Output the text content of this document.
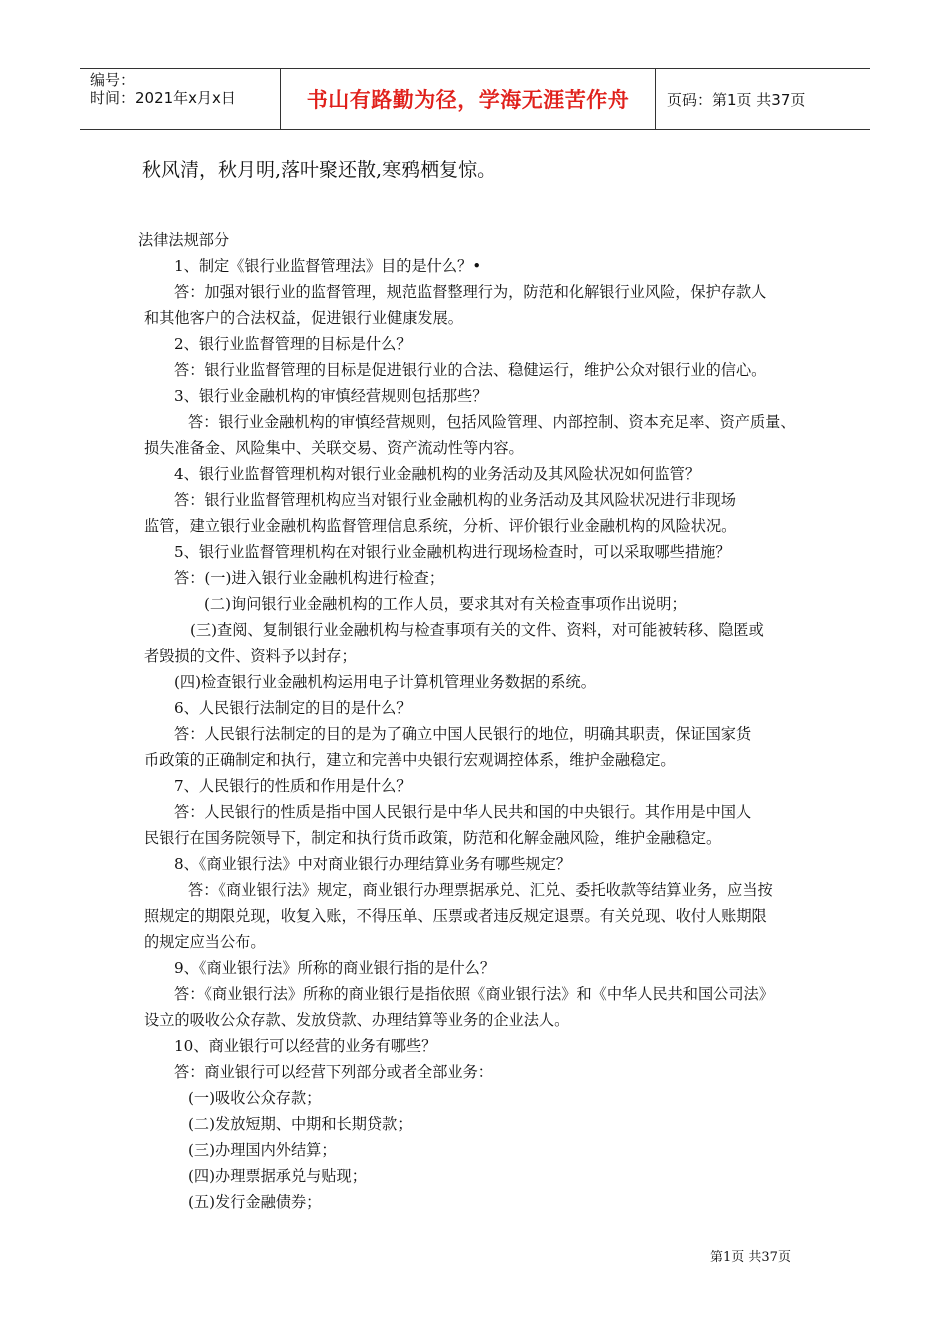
编号：
时间：2021年x月x日	书山有路勤为径，学海无涯苦作舟	页码：第1页 共37页
秋风清，秋月明,落叶聚还散,寒鸦栖复惊。
法律法规部分
1、制定《银行业监督管理法》目的是什么？•
答：加强对银行业的监督管理，规范监督整理行为，防范和化解银行业风险，保护存款人
和其他客户的合法权益，促进银行业健康发展。
2、银行业监督管理的目标是什么？
答：银行业监督管理的目标是促进银行业的合法、稳健运行，维护公众对银行业的信心。
3、银行业金融机构的审慎经营规则包括那些？
答：银行业金融机构的审慎经营规则，包括风险管理、内部控制、资本充足率、资产质量、
损失准备金、风险集中、关联交易、资产流动性等内容。
4、银行业监督管理机构对银行业金融机构的业务活动及其风险状况如何监管？
答：银行业监督管理机构应当对银行业金融机构的业务活动及其风险状况进行非现场
监管，建立银行业金融机构监督管理信息系统，分析、评价银行业金融机构的风险状况。
5、银行业监督管理机构在对银行业金融机构进行现场检查时，可以采取哪些措施？
答：(一)进入银行业金融机构进行检查；
(二)询问银行业金融机构的工作人员，要求其对有关检查事项作出说明；
(三)查阅、复制银行业金融机构与检查事项有关的文件、资料，对可能被转移、隐匿或
者毁损的文件、资料予以封存；
(四)检查银行业金融机构运用电子计算机管理业务数据的系统。
6、人民银行法制定的目的是什么？
答：人民银行法制定的目的是为了确立中国人民银行的地位，明确其职责，保证国家货
币政策的正确制定和执行，建立和完善中央银行宏观调控体系，维护金融稳定。
7、人民银行的性质和作用是什么？
答：人民银行的性质是指中国人民银行是中华人民共和国的中央银行。其作用是中国人
民银行在国务院领导下，制定和执行货币政策，防范和化解金融风险，维护金融稳定。
8、《商业银行法》中对商业银行办理结算业务有哪些规定？
答：《商业银行法》规定，商业银行办理票据承兑、汇兑、委托收款等结算业务，应当按
照规定的期限兑现，收复入账，不得压单、压票或者违反规定退票。有关兑现、收付人账期限
的规定应当公布。
9、《商业银行法》所称的商业银行指的是什么？
答：《商业银行法》所称的商业银行是指依照《商业银行法》和《中华人民共和国公司法》
设立的吸收公众存款、发放贷款、办理结算等业务的企业法人。
10、商业银行可以经营的业务有哪些？
答：商业银行可以经营下列部分或者全部业务：
(一)吸收公众存款；
(二)发放短期、中期和长期贷款；
(三)办理国内外结算；
(四)办理票据承兑与贴现；
(五)发行金融债券；
第1页 共37页
